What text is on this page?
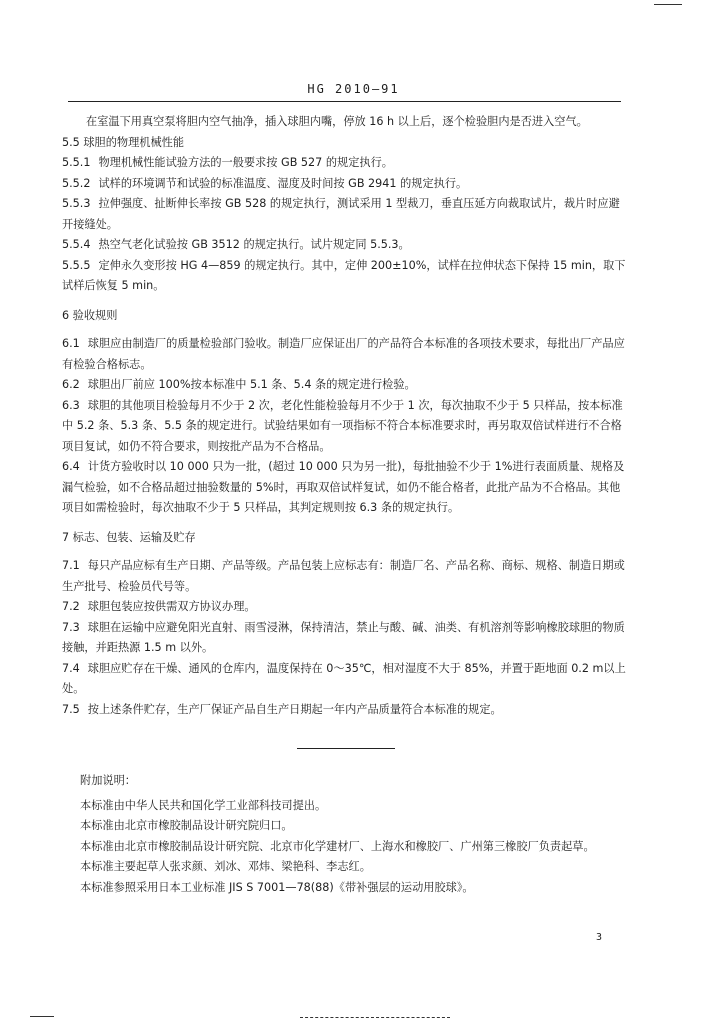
HG 2010—91

在室温下用真空泵将胆内空气抽净，插入球胆内嘴，停放 16 h 以上后，逐个检验胆内是否进入空气。

5.5 球胆的物理机械性能

5.5.1 物理机械性能试验方法的一般要求按 GB 527 的规定执行。

5.5.2 试样的环境调节和试验的标准温度、湿度及时间按 GB 2941 的规定执行。

5.5.3 拉伸强度、扯断伸长率按 GB 528 的规定执行，测试采用 1 型裁刀，垂直压延方向裁取试片，裁片时应避开接缝处。

5.5.4 热空气老化试验按 GB 3512 的规定执行。试片规定同 5.5.3。

5.5.5 定伸永久变形按 HG 4—859 的规定执行。其中，定伸 200±10%，试样在拉伸状态下保持 15 min，取下试样后恢复 5 min。

6 验收规则

6.1 球胆应由制造厂的质量检验部门验收。制造厂应保证出厂的产品符合本标准的各项技术要求，每批出厂产品应有检验合格标志。

6.2 球胆出厂前应 100%按本标准中 5.1 条、5.4 条的规定进行检验。

6.3 球胆的其他项目检验每月不少于 2 次，老化性能检验每月不少于 1 次，每次抽取不少于 5 只样品，按本标准中 5.2 条、5.3 条、5.5 条的规定进行。试验结果如有一项指标不符合本标准要求时，再另取双倍试样进行不合格项目复试，如仍不符合要求，则按批产品为不合格品。

6.4 计货方验收时以 10 000 只为一批，(超过 10 000 只为另一批)，每批抽验不少于 1%进行表面质量、规格及漏气检验，如不合格品超过抽验数量的 5%时，再取双倍试样复试，如仍不能合格者，此批产品为不合格品。其他项目如需检验时，每次抽取不少于 5 只样品，其判定规则按 6.3 条的规定执行。

7 标志、包装、运输及贮存

7.1 每只产品应标有生产日期、产品等级。产品包装上应标志有：制造厂名、产品名称、商标、规格、制造日期或生产批号、检验员代号等。

7.2 球胆包装应按供需双方协议办理。

7.3 球胆在运输中应避免阳光直射、雨雪浸淋，保持清洁，禁止与酸、碱、油类、有机溶剂等影响橡胶球胆的物质接触，并距热源 1.5 m 以外。

7.4 球胆应贮存在干燥、通风的仓库内，温度保持在 0～35℃，相对湿度不大于 85%，并置于距地面 0.2 m以上处。

7.5 按上述条件贮存，生产厂保证产品自生产日期起一年内产品质量符合本标准的规定。

附加说明：

本标准由中华人民共和国化学工业部科技司提出。

本标准由北京市橡胶制品设计研究院归口。

本标准由北京市橡胶制品设计研究院、北京市化学建材厂、上海水和橡胶厂、广州第三橡胶厂负责起草。

本标准主要起草人张求颜、刘冰、邓炜、梁艳科、李志红。

本标准参照采用日本工业标准 JIS S 7001—78(88)《带补强层的运动用胶球》。

3
